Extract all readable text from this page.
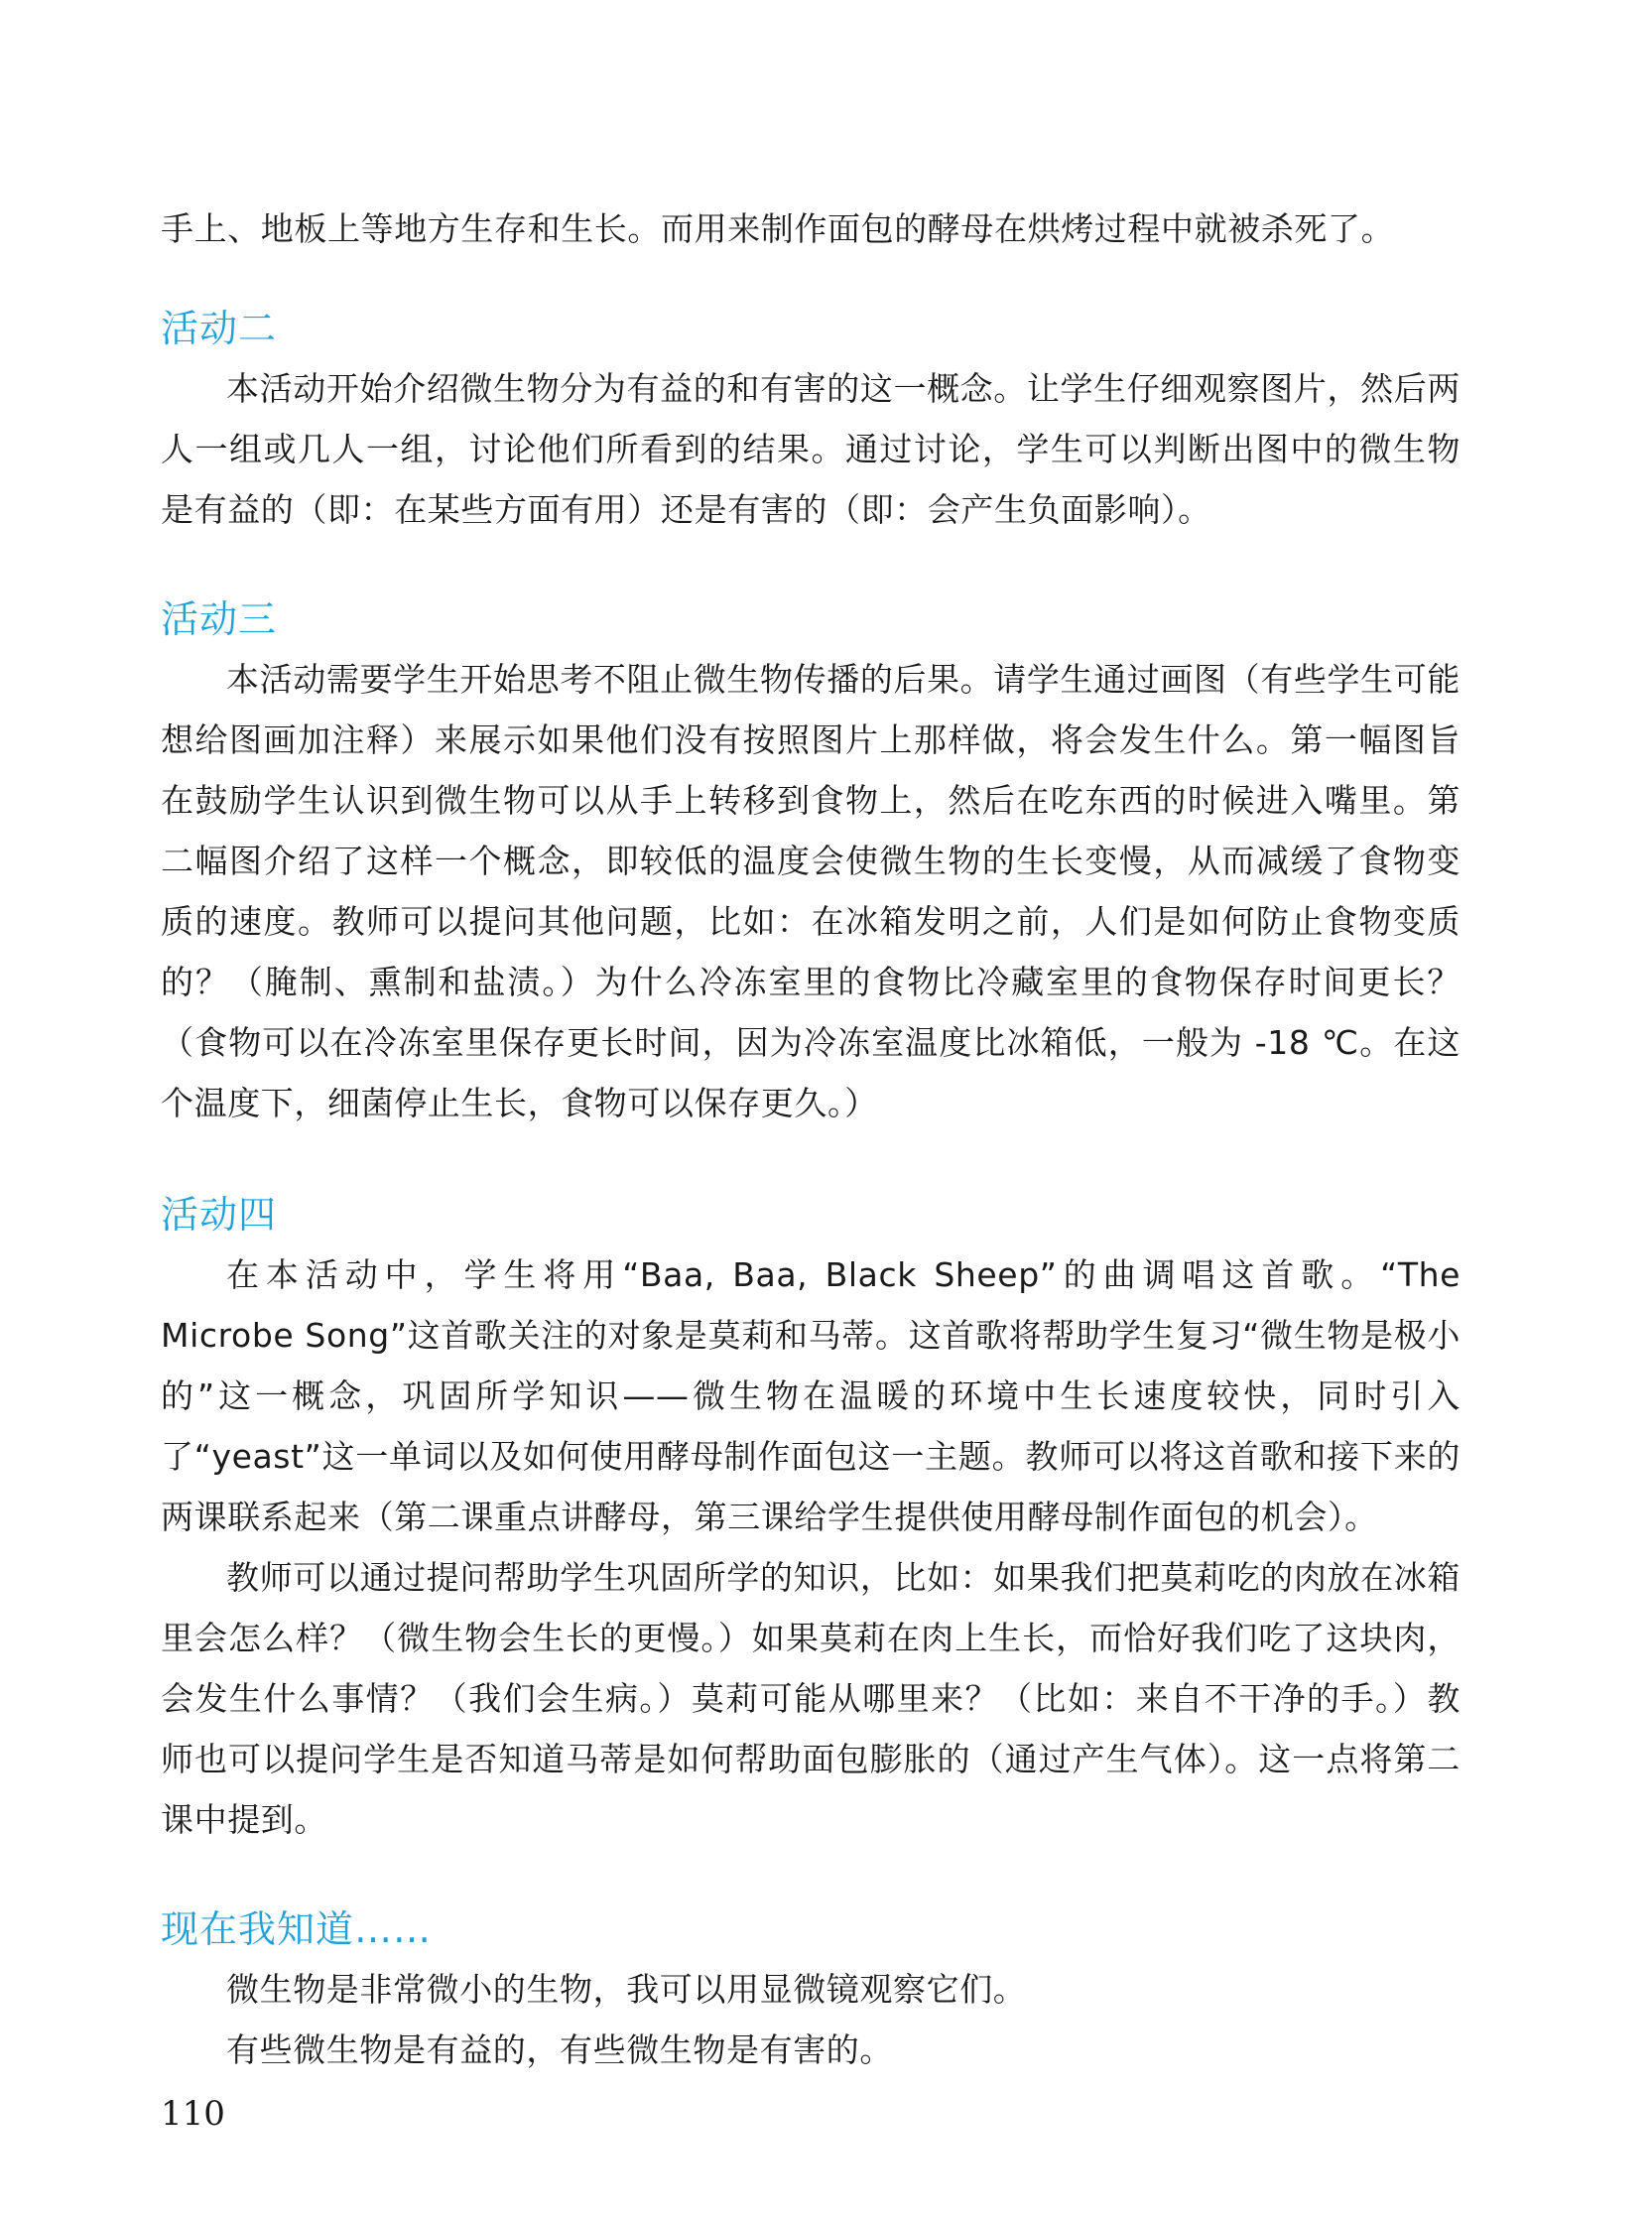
手上、地板上等地方生存和生长。而用来制作面包的酵母在烘烤过程中就被杀死了。

活动二

本活动开始介绍微生物分为有益的和有害的这一概念。让学生仔细观察图片，然后两人一组或几人一组，讨论他们所看到的结果。通过讨论，学生可以判断出图中的微生物是有益的（即：在某些方面有用）还是有害的（即：会产生负面影响）。

活动三

本活动需要学生开始思考不阻止微生物传播的后果。请学生通过画图（有些学生可能想给图画加注释）来展示如果他们没有按照图片上那样做，将会发生什么。第一幅图旨在鼓励学生认识到微生物可以从手上转移到食物上，然后在吃东西的时候进入嘴里。第二幅图介绍了这样一个概念，即较低的温度会使微生物的生长变慢，从而减缓了食物变质的速度。教师可以提问其他问题，比如：在冰箱发明之前，人们是如何防止食物变质的？（腌制、熏制和盐渍。）为什么冷冻室里的食物比冷藏室里的食物保存时间更长？（食物可以在冷冻室里保存更长时间，因为冷冻室温度比冰箱低，一般为 -18 ℃。在这个温度下，细菌停止生长，食物可以保存更久。）

活动四

在本活动中，学生将用“Baa, Baa, Black Sheep”的曲调唱这首歌。“The Microbe Song”这首歌关注的对象是莫莉和马蒂。这首歌将帮助学生复习“微生物是极小的”这一概念，巩固所学知识——微生物在温暖的环境中生长速度较快，同时引入了“yeast”这一单词以及如何使用酵母制作面包这一主题。教师可以将这首歌和接下来的两课联系起来（第二课重点讲酵母，第三课给学生提供使用酵母制作面包的机会）。

教师可以通过提问帮助学生巩固所学的知识，比如：如果我们把莫莉吃的肉放在冰箱里会怎么样？（微生物会生长的更慢。）如果莫莉在肉上生长，而恰好我们吃了这块肉，会发生什么事情？（我们会生病。）莫莉可能从哪里来？（比如：来自不干净的手。）教师也可以提问学生是否知道马蒂是如何帮助面包膨胀的（通过产生气体）。这一点将第二课中提到。

现在我知道……

微生物是非常微小的生物，我可以用显微镜观察它们。

有些微生物是有益的，有些微生物是有害的。

110
